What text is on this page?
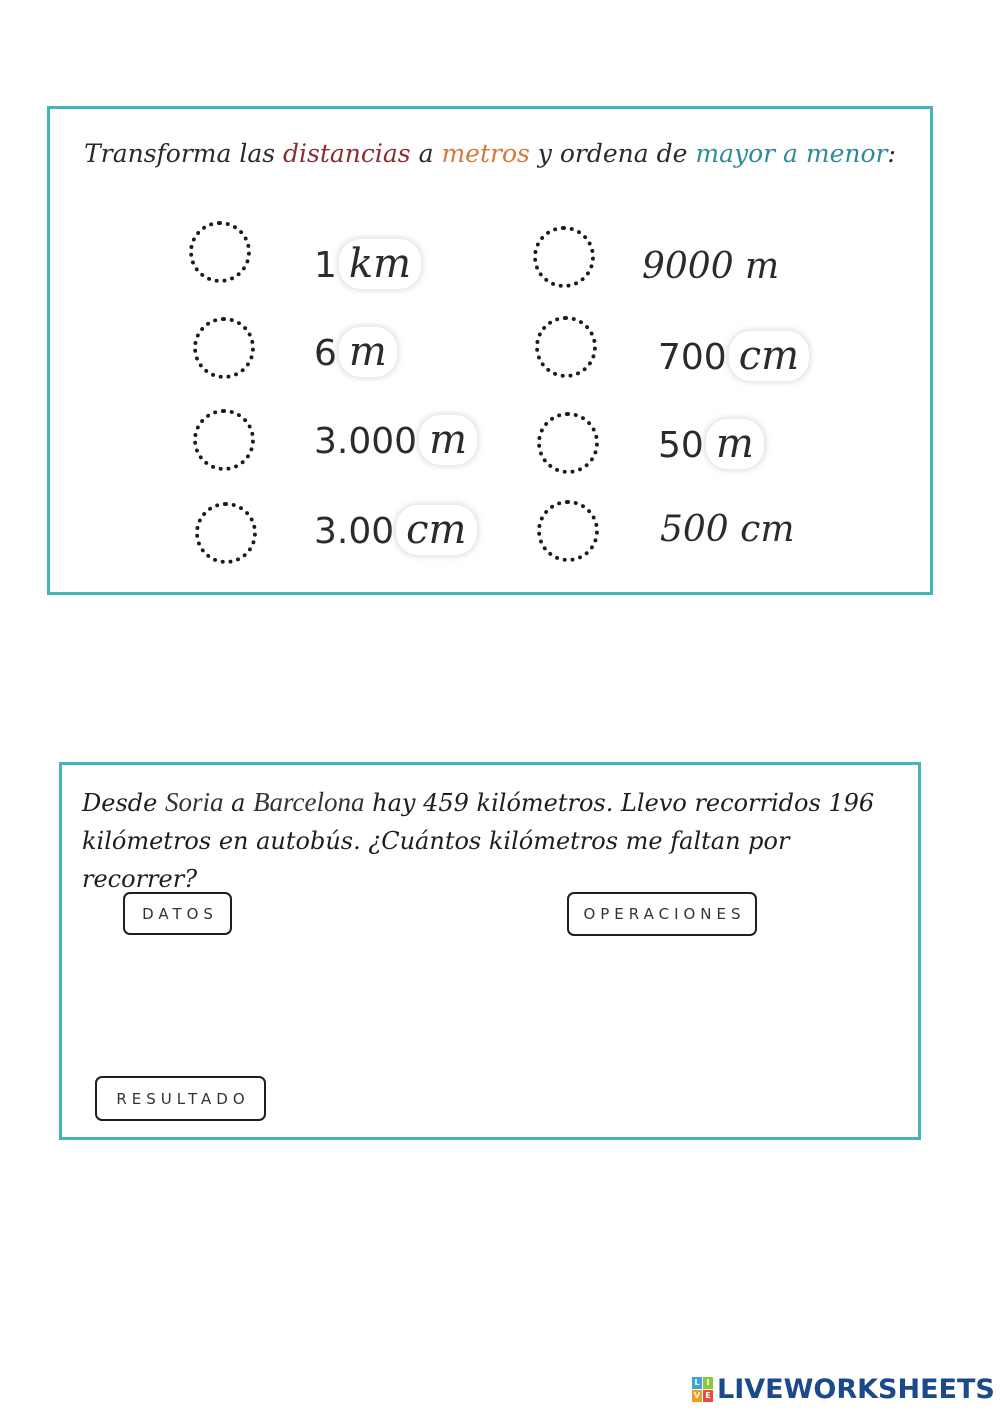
Transforma las distancias a metros y ordena de mayor a menor:
1 km
6 m
3.000 m
3.00 cm
9000 m
700 cm
50 m
500 cm
Desde Soria a Barcelona hay 459 kilómetros. Llevo recorridos 196 kilómetros en autobús. ¿Cuántos kilómetros me faltan por recorrer?
DATOS	OPERACIONES
RESULTADO
L I
V E LIVEWORKSHEETS
